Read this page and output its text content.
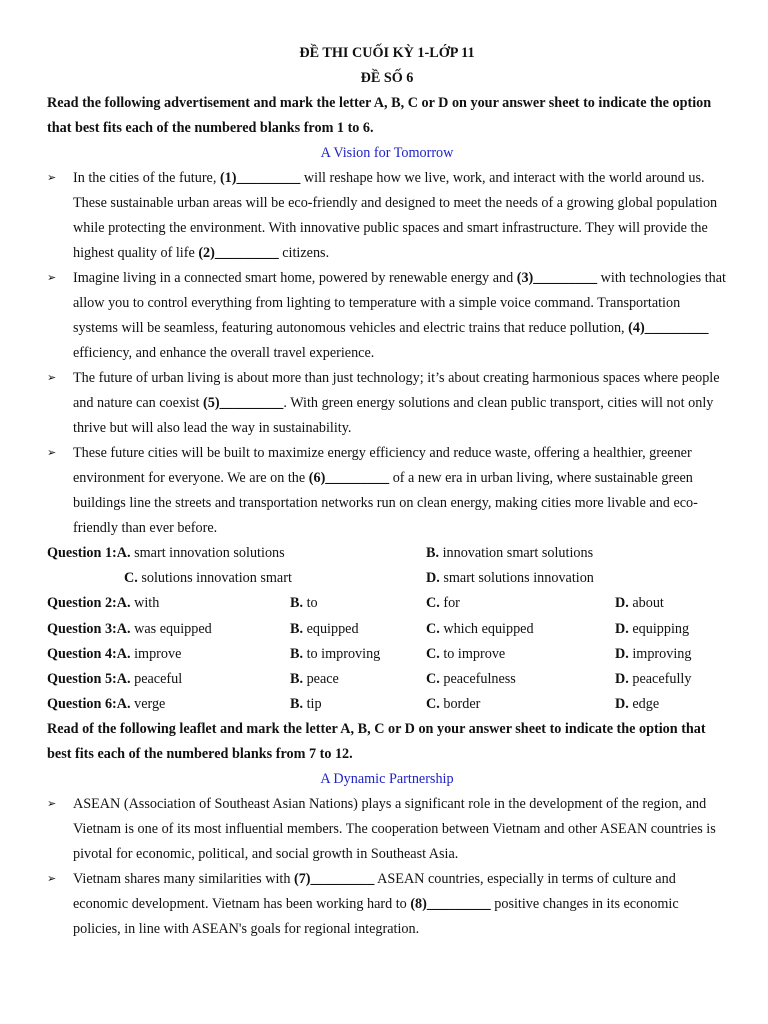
ĐỀ THI CUỐI KỲ 1-LỚP 11
ĐỀ SỐ 6

Read the following advertisement and mark the letter A, B, C or D on your answer sheet to indicate the option that best fits each of the numbered blanks from 1 to 6.

A Vision for Tomorrow
➢	In the cities of the future, (1)_________ will reshape how we live, work, and interact with the world around us. These sustainable urban areas will be eco-friendly and designed to meet the needs of a growing global population while protecting the environment. With innovative public spaces and smart infrastructure. They will provide the highest quality of life (2)_________ citizens.
➢	Imagine living in a connected smart home, powered by renewable energy and (3)_________ with technologies that allow you to control everything from lighting to temperature with a simple voice command. Transportation systems will be seamless, featuring autonomous vehicles and electric trains that reduce pollution, (4)_________ efficiency, and enhance the overall travel experience.
➢	The future of urban living is about more than just technology; it’s about creating harmonious spaces where people and nature can coexist (5)_________. With green energy solutions and clean public transport, cities will not only thrive but will also lead the way in sustainability.
➢	These future cities will be built to maximize energy efficiency and reduce waste, offering a healthier, greener environment for everyone. We are on the (6)_________ of a new era in urban living, where sustainable green buildings line the streets and transportation networks run on clean energy, making cities more livable and eco-friendly than ever before.
Question 1:A. smart innovation solutions	B. innovation smart solutions
C. solutions innovation smart	D. smart solutions innovation
Question 2:A. with	B. to	C. for	D. about
Question 3:A. was equipped	B. equipped	C. which equipped	D. equipping
Question 4:A. improve	B. to improving	C. to improve	D. improving
Question 5:A. peaceful	B. peace	C. peacefulness	D. peacefully
Question 6:A. verge	B. tip	C. border	D. edge

Read of the following leaflet and mark the letter A, B, C or D on your answer sheet to indicate the option that best fits each of the numbered blanks from 7 to 12.

A Dynamic Partnership
➢	ASEAN (Association of Southeast Asian Nations) plays a significant role in the development of the region, and Vietnam is one of its most influential members. The cooperation between Vietnam and other ASEAN countries is pivotal for economic, political, and social growth in Southeast Asia.
➢	Vietnam shares many similarities with (7)_________ ASEAN countries, especially in terms of culture and economic development. Vietnam has been working hard to (8)_________ positive changes in its economic policies, in line with ASEAN's goals for regional integration.
